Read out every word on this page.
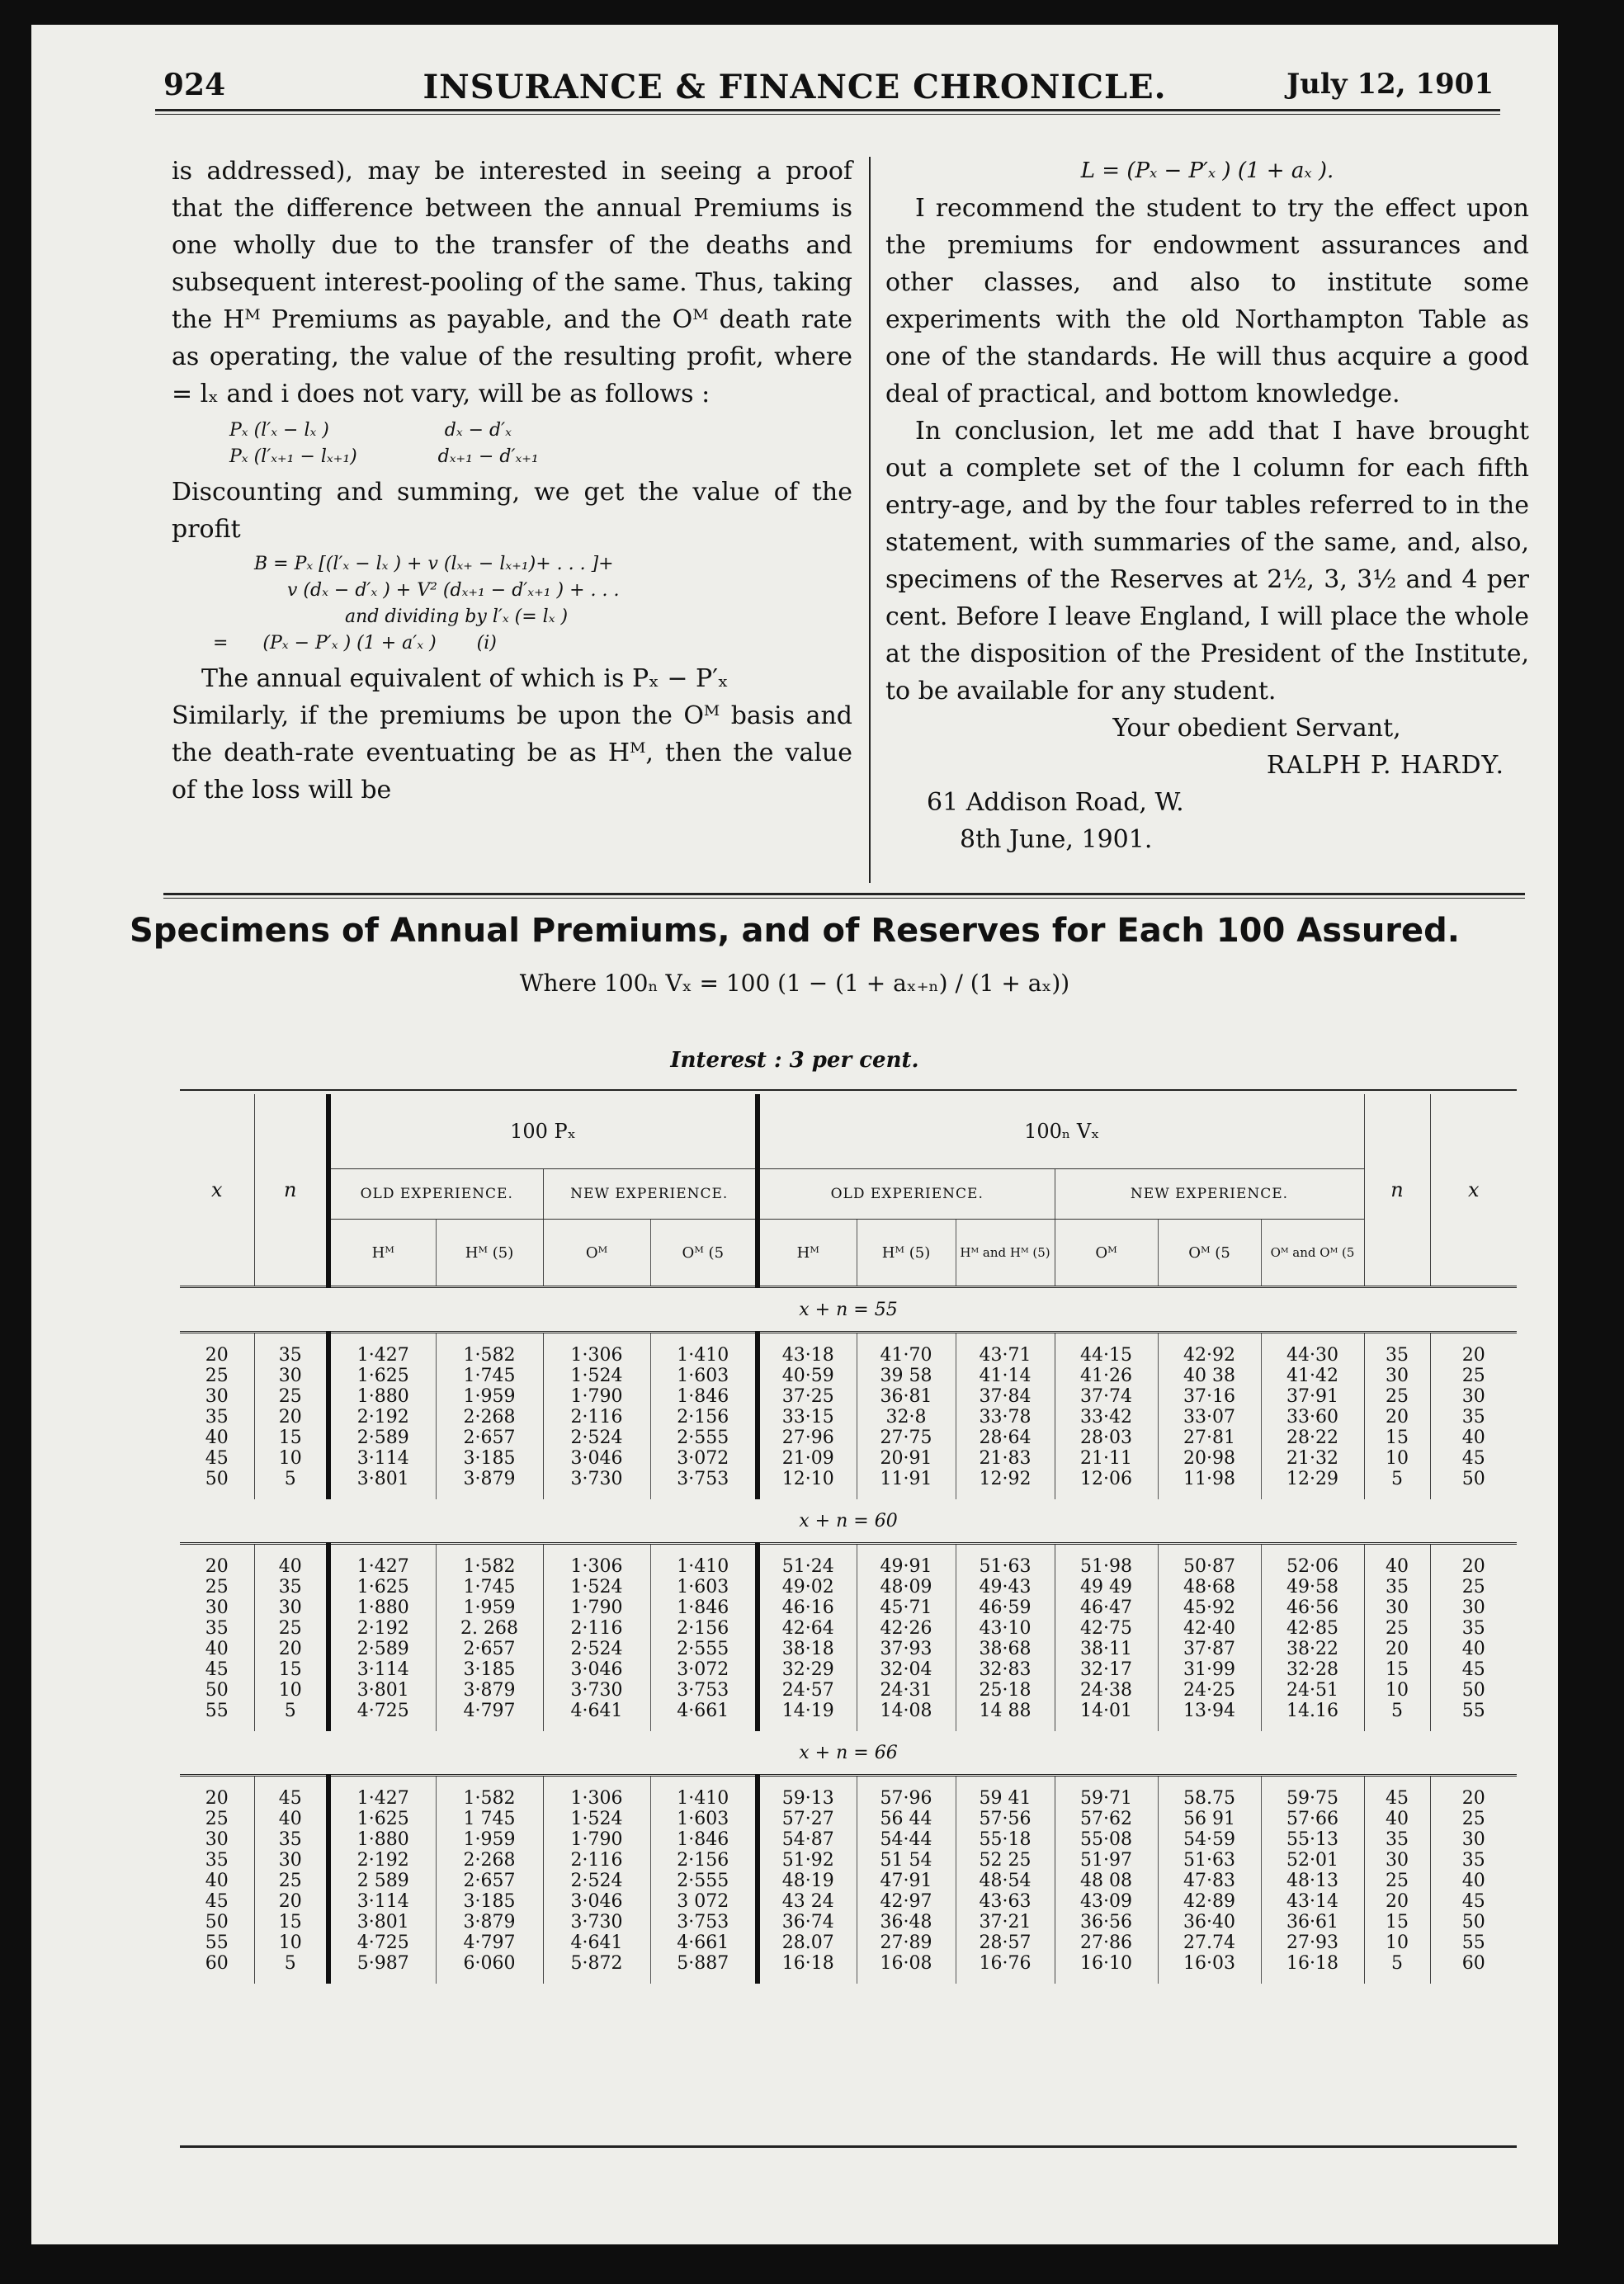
924	INSURANCE & FINANCE CHRONICLE.	July 12, 1901

is addressed), may be interested in seeing a proof that the difference between the annual Premiums is one wholly due to the transfer of the deaths and subsequent interest-pooling of the same. Thus, taking the Hᴹ Premiums as payable, and the Oᴹ death rate as operating, the value of the resulting profit, where = lₓ and i does not vary, will be as follows :

Pₓ (l′ₓ − lₓ )                    dₓ − d′ₓ

Pₓ (l′ₓ₊₁ − lₓ₊₁)              dₓ₊₁ − d′ₓ₊₁

Discounting and summing, we get the value of the profit

B = Pₓ [(l′ₓ − lₓ ) + v (lₓ₊ − lₓ₊₁)+ . . . ]+

v (dₓ − d′ₓ ) + V² (dₓ₊₁ − d′ₓ₊₁ ) + . . .

and dividing by l′ₓ (= lₓ )

=      (Pₓ − P′ₓ ) (1 + a′ₓ )       (i)

The annual equivalent of which is Pₓ − P′ₓ

Similarly, if the premiums be upon the Oᴹ basis and the death-rate eventuating be as Hᴹ, then the value of the loss will be

L = (Pₓ − P′ₓ ) (1 + aₓ ).

I recommend the student to try the effect upon the premiums for endowment assurances and other classes, and also to institute some experiments with the old Northampton Table as one of the standards. He will thus acquire a good deal of practical, and bottom knowledge.

In conclusion, let me add that I have brought out a complete set of the l column for each fifth entry-age, and by the four tables referred to in the statement, with summaries of the same, and, also, specimens of the Reserves at 2½, 3, 3½ and 4 per cent. Before I leave England, I will place the whole at the disposition of the President of the Institute, to be available for any student.

Your obedient Servant,

RALPH P. HARDY.

61 Addison Road, W.

8th June, 1901.

Specimens of Annual Premiums, and of Reserves for Each 100 Assured.
Where 100ₙ Vₓ = 100 (1 − (1 + aₓ₊ₙ) / (1 + aₓ))
Interest : 3 per cent.
x	n	100 Pₓ				100ₙ Vₓ						n	x
		OLD EXPERIENCE.		NEW EXPERIENCE.		OLD EXPERIENCE.			NEW EXPERIENCE.				
		Hᴹ	Hᴹ (5)	Oᴹ	Oᴹ (5	Hᴹ	Hᴹ (5)	Hᴹ and Hᴹ (5)	Oᴹ	Oᴹ (5	Oᴹ and Oᴹ (5		
x + n = 55													

20	35	1·427	1·582	1·306	1·410	43·18	41·70	43·71	44·15	42·92	44·30	35	20
25	30	1·625	1·745	1·524	1·603	40·59	39 58	41·14	41·26	40 38	41·42	30	25
30	25	1·880	1·959	1·790	1·846	37·25	36·81	37·84	37·74	37·16	37·91	25	30
35	20	2·192	2·268	2·116	2·156	33·15	32·8	33·78	33·42	33·07	33·60	20	35
40	15	2·589	2·657	2·524	2·555	27·96	27·75	28·64	28·03	27·81	28·22	15	40
45	10	3·114	3·185	3·046	3·072	21·09	20·91	21·83	21·11	20·98	21·32	10	45
50	5	3·801	3·879	3·730	3·753	12·10	11·91	12·92	12·06	11·98	12·29	5	50
x + n = 60													

20	40	1·427	1·582	1·306	1·410	51·24	49·91	51·63	51·98	50·87	52·06	40	20
25	35	1·625	1·745	1·524	1·603	49·02	48·09	49·43	49 49	48·68	49·58	35	25
30	30	1·880	1·959	1·790	1·846	46·16	45·71	46·59	46·47	45·92	46·56	30	30
35	25	2·192	2. 268	2·116	2·156	42·64	42·26	43·10	42·75	42·40	42·85	25	35
40	20	2·589	2·657	2·524	2·555	38·18	37·93	38·68	38·11	37·87	38·22	20	40
45	15	3·114	3·185	3·046	3·072	32·29	32·04	32·83	32·17	31·99	32·28	15	45
50	10	3·801	3·879	3·730	3·753	24·57	24·31	25·18	24·38	24·25	24·51	10	50
55	5	4·725	4·797	4·641	4·661	14·19	14·08	14 88	14·01	13·94	14.16	5	55
x + n = 66													

20	45	1·427	1·582	1·306	1·410	59·13	57·96	59 41	59·71	58.75	59·75	45	20
25	40	1·625	1 745	1·524	1·603	57·27	56 44	57·56	57·62	56 91	57·66	40	25
30	35	1·880	1·959	1·790	1·846	54·87	54·44	55·18	55·08	54·59	55·13	35	30
35	30	2·192	2·268	2·116	2·156	51·92	51 54	52 25	51·97	51·63	52·01	30	35
40	25	2 589	2·657	2·524	2·555	48·19	47·91	48·54	48 08	47·83	48·13	25	40
45	20	3·114	3·185	3·046	3 072	43 24	42·97	43·63	43·09	42·89	43·14	20	45
50	15	3·801	3·879	3·730	3·753	36·74	36·48	37·21	36·56	36·40	36·61	15	50
55	10	4·725	4·797	4·641	4·661	28.07	27·89	28·57	27·86	27.74	27·93	10	55
60	5	5·987	6·060	5·872	5·887	16·18	16·08	16·76	16·10	16·03	16·18	5	60
